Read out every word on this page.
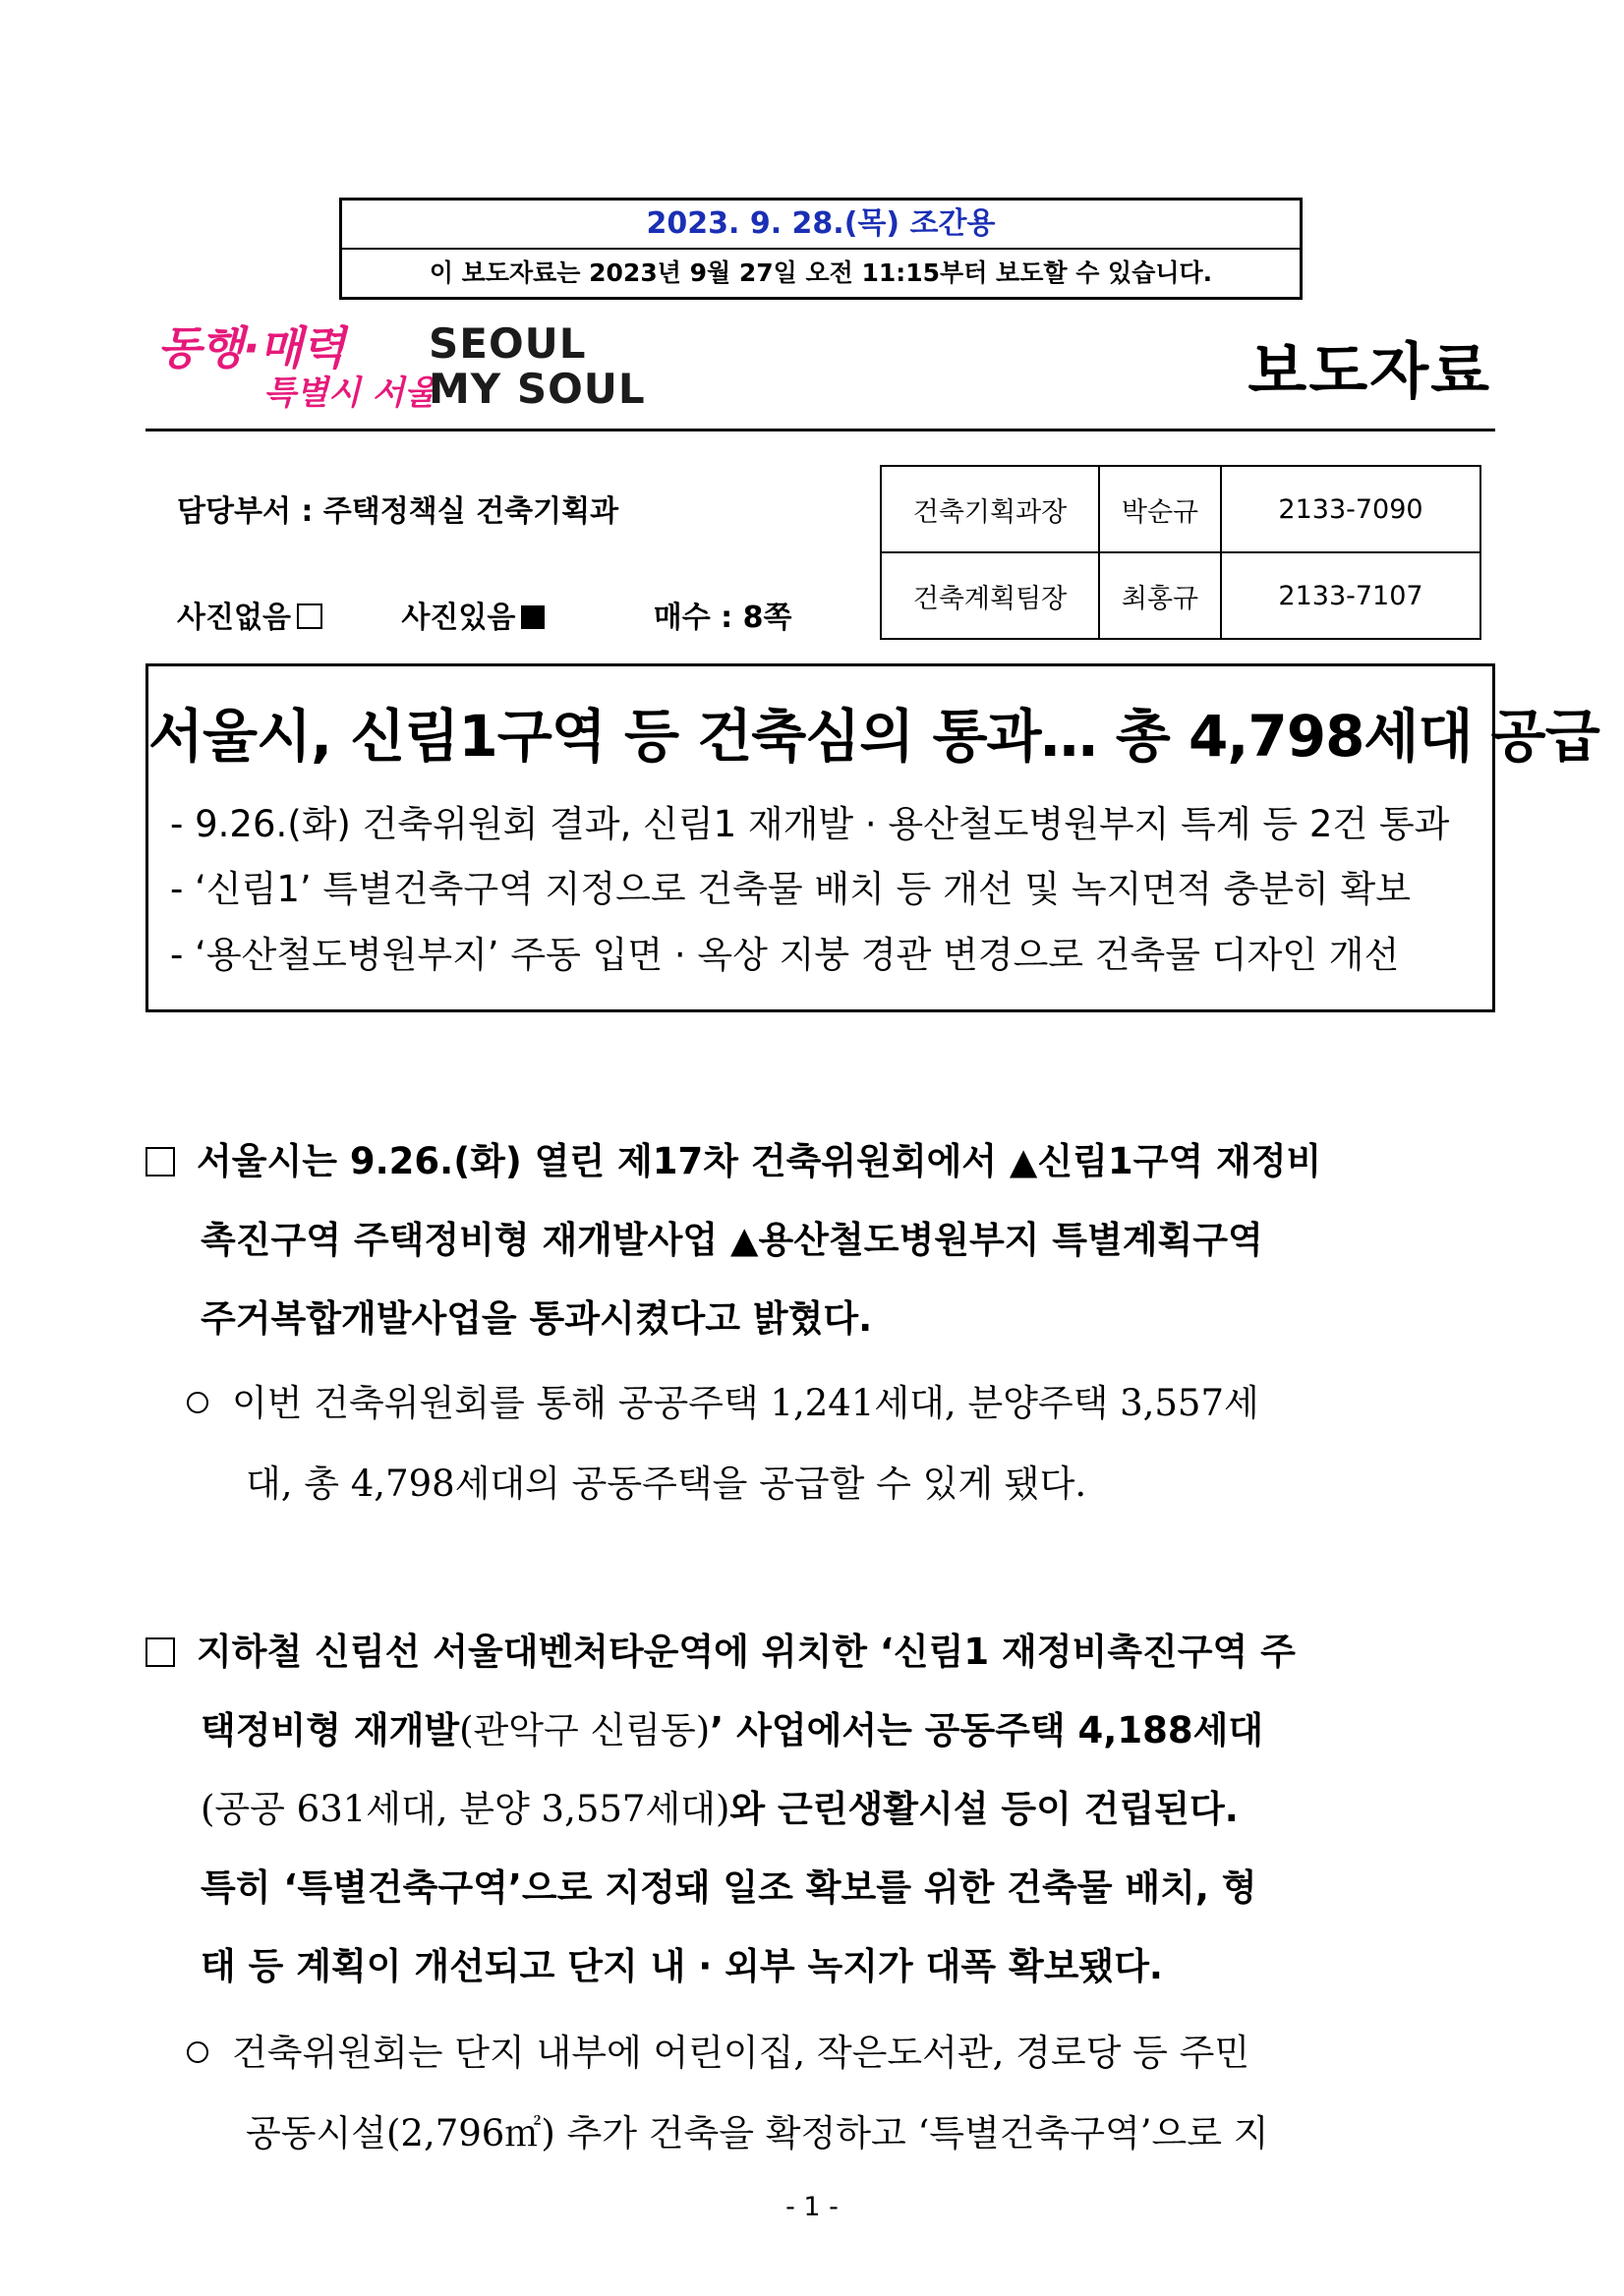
2023. 9. 28.(목) 조간용
이 보도자료는 2023년 9월 27일 오전 11:15부터 보도할 수 있습니다.
동행·매력
특별시 서울
SEOUL
MY SOUL	보도자료
담당부서 : 주택정책실 건축기획과
사진없음	사진있음	매수 : 8쪽
건축기획과장	박순규	2133-7090
건축계획팀장	최홍규	2133-7107
서울시, 신림1구역 등 건축심의 통과… 총 4,798세대 공급
- 9.26.(화) 건축위원회 결과, 신림1 재개발 · 용산철도병원부지 특계 등 2건 통과
- ‘신림1’ 특별건축구역 지정으로 건축물 배치 등 개선 및 녹지면적 충분히 확보
- ‘용산철도병원부지’ 주동 입면 · 옥상 지붕 경관 변경으로 건축물 디자인 개선
서울시는 9.26.(화) 열린 제17차 건축위원회에서 ▲신림1구역 재정비
촉진구역 주택정비형 재개발사업 ▲용산철도병원부지 특별계획구역
주거복합개발사업을 통과시켰다고 밝혔다.
이번 건축위원회를 통해 공공주택 1,241세대, 분양주택 3,557세
대, 총 4,798세대의 공동주택을 공급할 수 있게 됐다.
지하철 신림선 서울대벤처타운역에 위치한 ‘신림1 재정비촉진구역 주
택정비형 재개발(관악구 신림동)’ 사업에서는 공동주택 4,188세대
(공공 631세대, 분양 3,557세대)와 근린생활시설 등이 건립된다.
특히 ‘특별건축구역’으로 지정돼 일조 확보를 위한 건축물 배치, 형
태 등 계획이 개선되고 단지 내 · 외부 녹지가 대폭 확보됐다.
건축위원회는 단지 내부에 어린이집, 작은도서관, 경로당 등 주민
공동시설(2,796㎡) 추가 건축을 확정하고 ‘특별건축구역’으로 지
- 1 -
